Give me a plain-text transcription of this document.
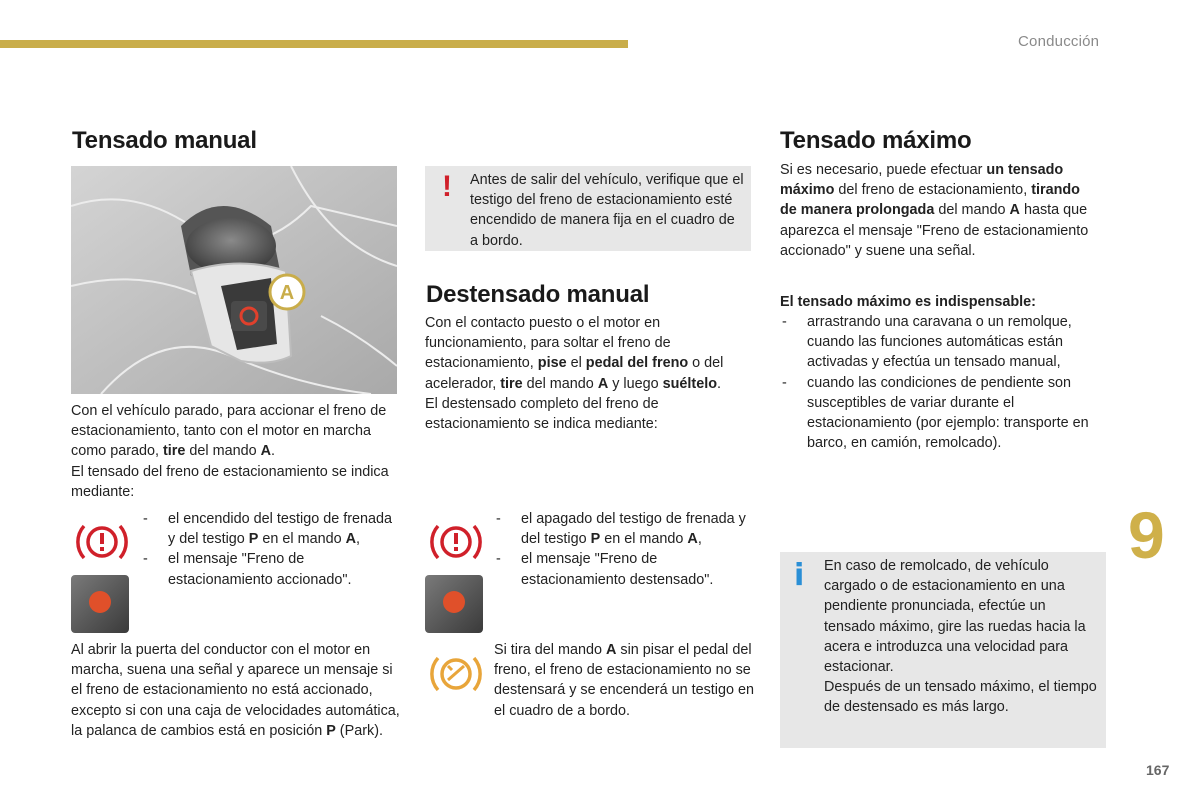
Conducción
9
167
Tensado manual
A

Con el vehículo parado, para accionar el freno de estacionamiento, tanto con el motor en marcha como parado, tire del mando A.
El tensado del freno de estacionamiento se indica mediante:

- el encendido del testigo de frenada y del testigo P en el mando A,
- el mensaje "Freno de estacionamiento accionado".

Al abrir la puerta del conductor con el motor en marcha, suena una señal y aparece un mensaje si el freno de estacionamiento no está accionado, excepto si con una caja de velocidades automática, la palanca de cambios está en posición P (Park).

! Antes de salir del vehículo, verifique que el testigo del freno de estacionamiento esté encendido de manera fija en el cuadro de a bordo.

Destensado manual

Con el contacto puesto o el motor en funcionamiento, para soltar el freno de estacionamiento, pise el pedal del freno o del acelerador, tire del mando A y luego suéltelo.
El destensado completo del freno de estacionamiento se indica mediante:

- el apagado del testigo de frenada y del testigo P en el mando A,
- el mensaje "Freno de estacionamiento destensado".

Si tira del mando A sin pisar el pedal del freno, el freno de estacionamiento no se destensará y se encenderá un testigo en el cuadro de a bordo.

Tensado máximo

Si es necesario, puede efectuar un tensado máximo del freno de estacionamiento, tirando de manera prolongada del mando A hasta que aparezca el mensaje "Freno de estacionamiento accionado" y suene una señal.

El tensado máximo es indispensable:

- arrastrando una caravana o un remolque, cuando las funciones automáticas están activadas y efectúa un tensado manual,
- cuando las condiciones de pendiente son susceptibles de variar durante el estacionamiento (por ejemplo: transporte en barco, en camión, remolcado).
i En caso de remolcado, de vehículo cargado o de estacionamiento en una pendiente pronunciada, efectúe un tensado máximo, gire las ruedas hacia la acera e introduzca una velocidad para estacionar.
Después de un tensado máximo, el tiempo de destensado es más largo.
